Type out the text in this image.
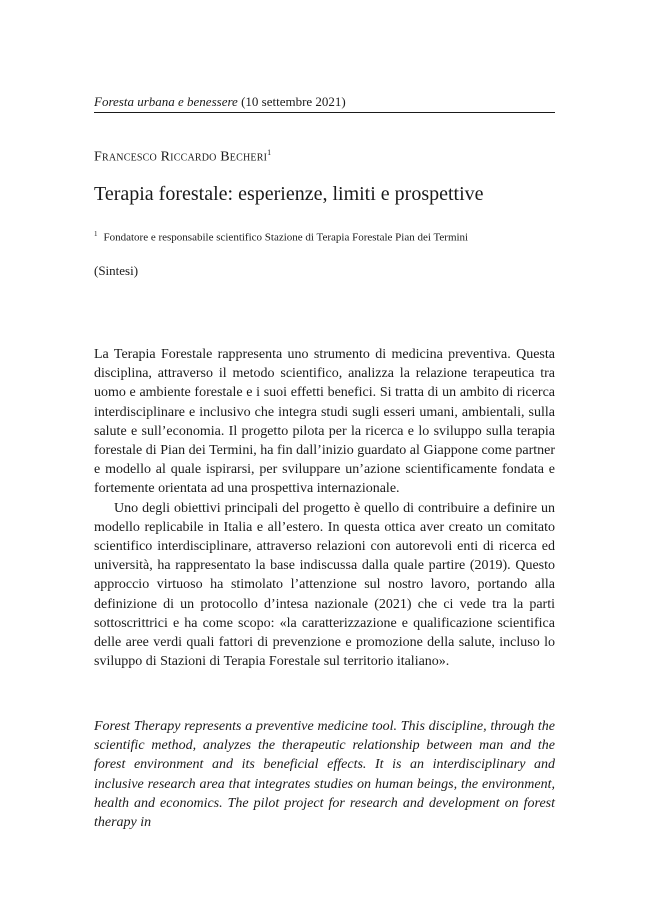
Foresta urbana e benessere (10 settembre 2021)
Francesco Riccardo Becheri$^1$
Terapia forestale: esperienze, limiti e prospettive
$^1$ Fondatore e responsabile scientifico Stazione di Terapia Forestale Pian dei Termini
(Sintesi)

La Terapia Forestale rappresenta uno strumento di medicina preventiva. Questa disciplina, attraverso il metodo scientifico, analizza la relazione terapeutica tra uomo e ambiente forestale e i suoi effetti benefici. Si tratta di un ambito di ricerca interdisciplinare e inclusivo che integra studi sugli esseri umani, ambientali, sulla salute e sull’economia. Il progetto pilota per la ricerca e lo sviluppo sulla terapia forestale di Pian dei Termini, ha fin dall’inizio guardato al Giappone come partner e modello al quale ispirarsi, per sviluppare un’azione scientificamente fondata e fortemente orientata ad una prospettiva internazionale.

Uno degli obiettivi principali del progetto è quello di contribuire a definire un modello replicabile in Italia e all’estero. In questa ottica aver creato un comitato scientifico interdisciplinare, attraverso relazioni con autorevoli enti di ricerca ed università, ha rappresentato la base indiscussa dalla quale partire (2019). Questo approccio virtuoso ha stimolato l’attenzione sul nostro lavoro, portando alla definizione di un protocollo d’intesa nazionale (2021) che ci vede tra la parti sottoscrittrici e ha come scopo: «la caratterizzazione e qualificazione scientifica delle aree verdi quali fattori di prevenzione e promozione della salute, incluso lo sviluppo di Stazioni di Terapia Forestale sul territorio italiano».

Forest Therapy represents a preventive medicine tool. This discipline, through the scientific method, analyzes the therapeutic relationship between man and the forest environment and its beneficial effects. It is an interdisciplinary and inclusive research area that integrates studies on human beings, the environment, health and economics. The pilot project for research and development on forest therapy in
